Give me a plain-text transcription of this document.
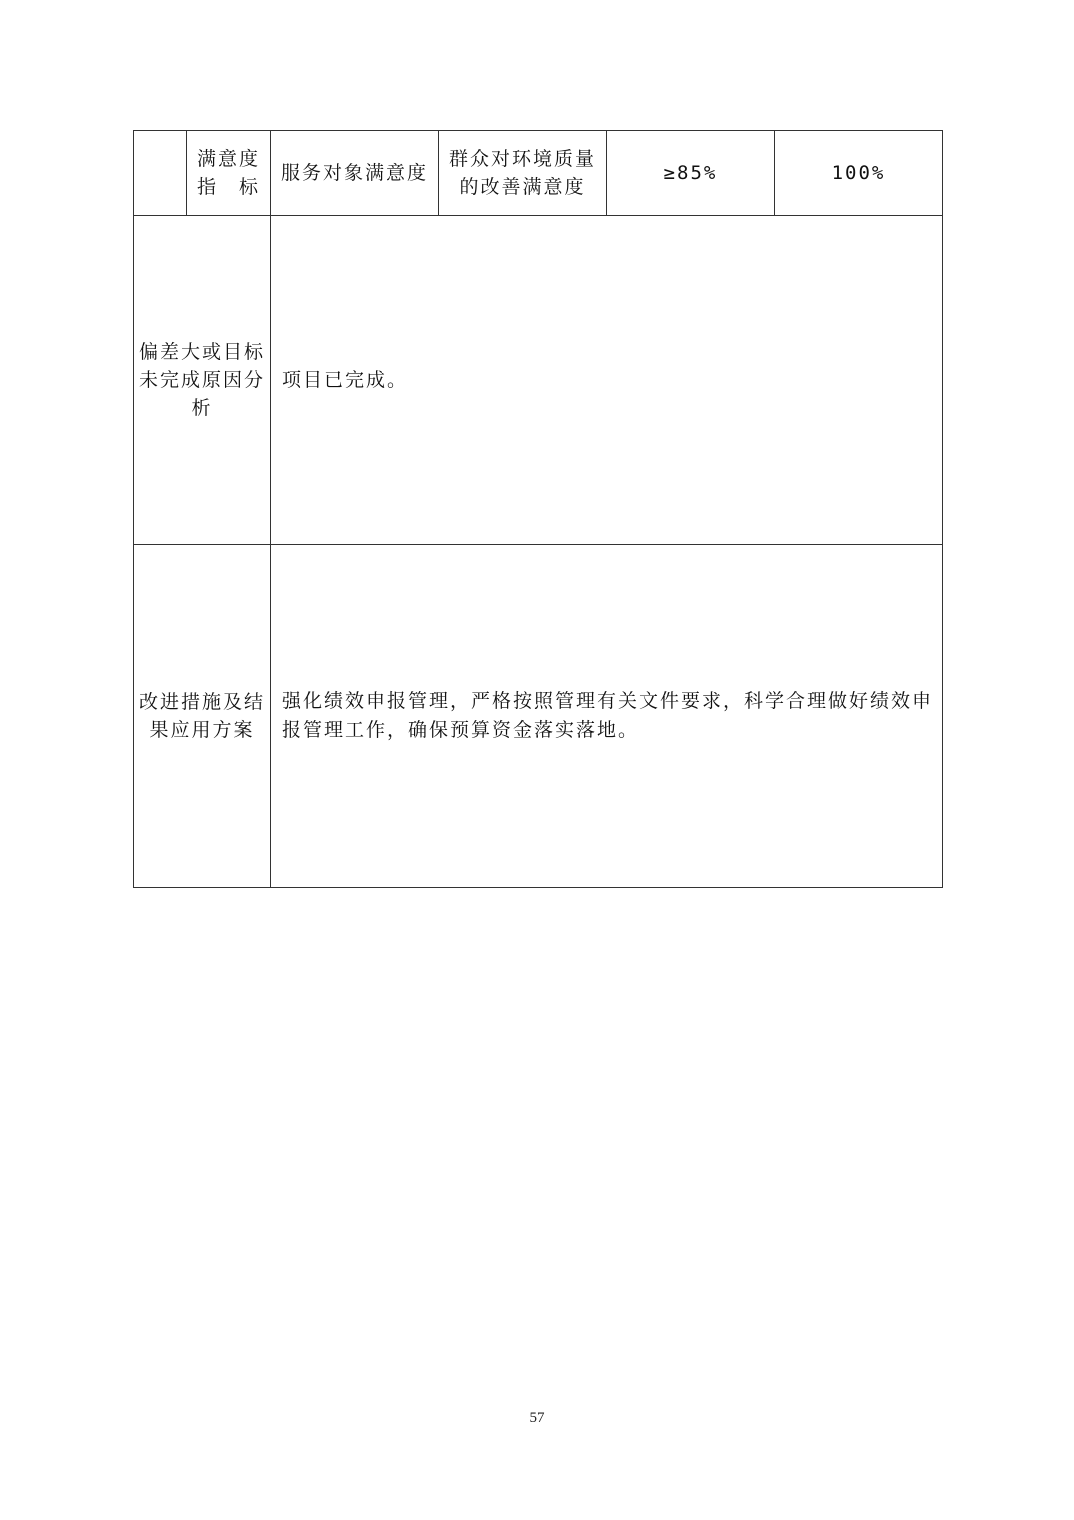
	满意度指　标	服务对象满意度	群众对环境质量的改善满意度	≥85%	100%

偏差大或目标未完成原因分析		项目已完成。			

改进措施及结果应用方案		强化绩效申报管理，严格按照管理有关文件要求，科学合理做好绩效申报管理工作，确保预算资金落实落地。			
57
